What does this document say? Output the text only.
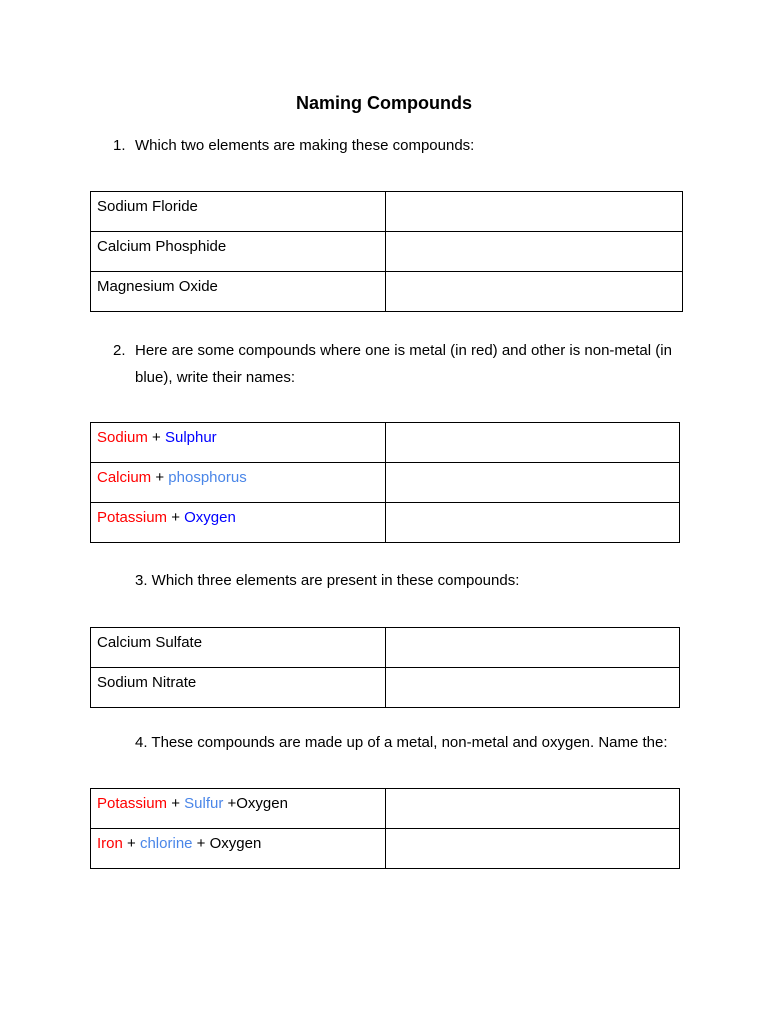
Naming Compounds
1. Which two elements are making these compounds:
Sodium Floride	

Calcium Phosphide	

Magnesium Oxide	

2. Here are some compounds where one is metal (in red) and other is non-metal (in blue), write their names:
Sodium + Sulphur	

Calcium + phosphorus	

Potassium + Oxygen	

3. Which three elements are present in these compounds:
Calcium Sulfate	

Sodium Nitrate	

4. These compounds are made up of a metal, non-metal and oxygen. Name the:
Potassium + Sulfur +Oxygen	

Iron + chlorine + Oxygen	
